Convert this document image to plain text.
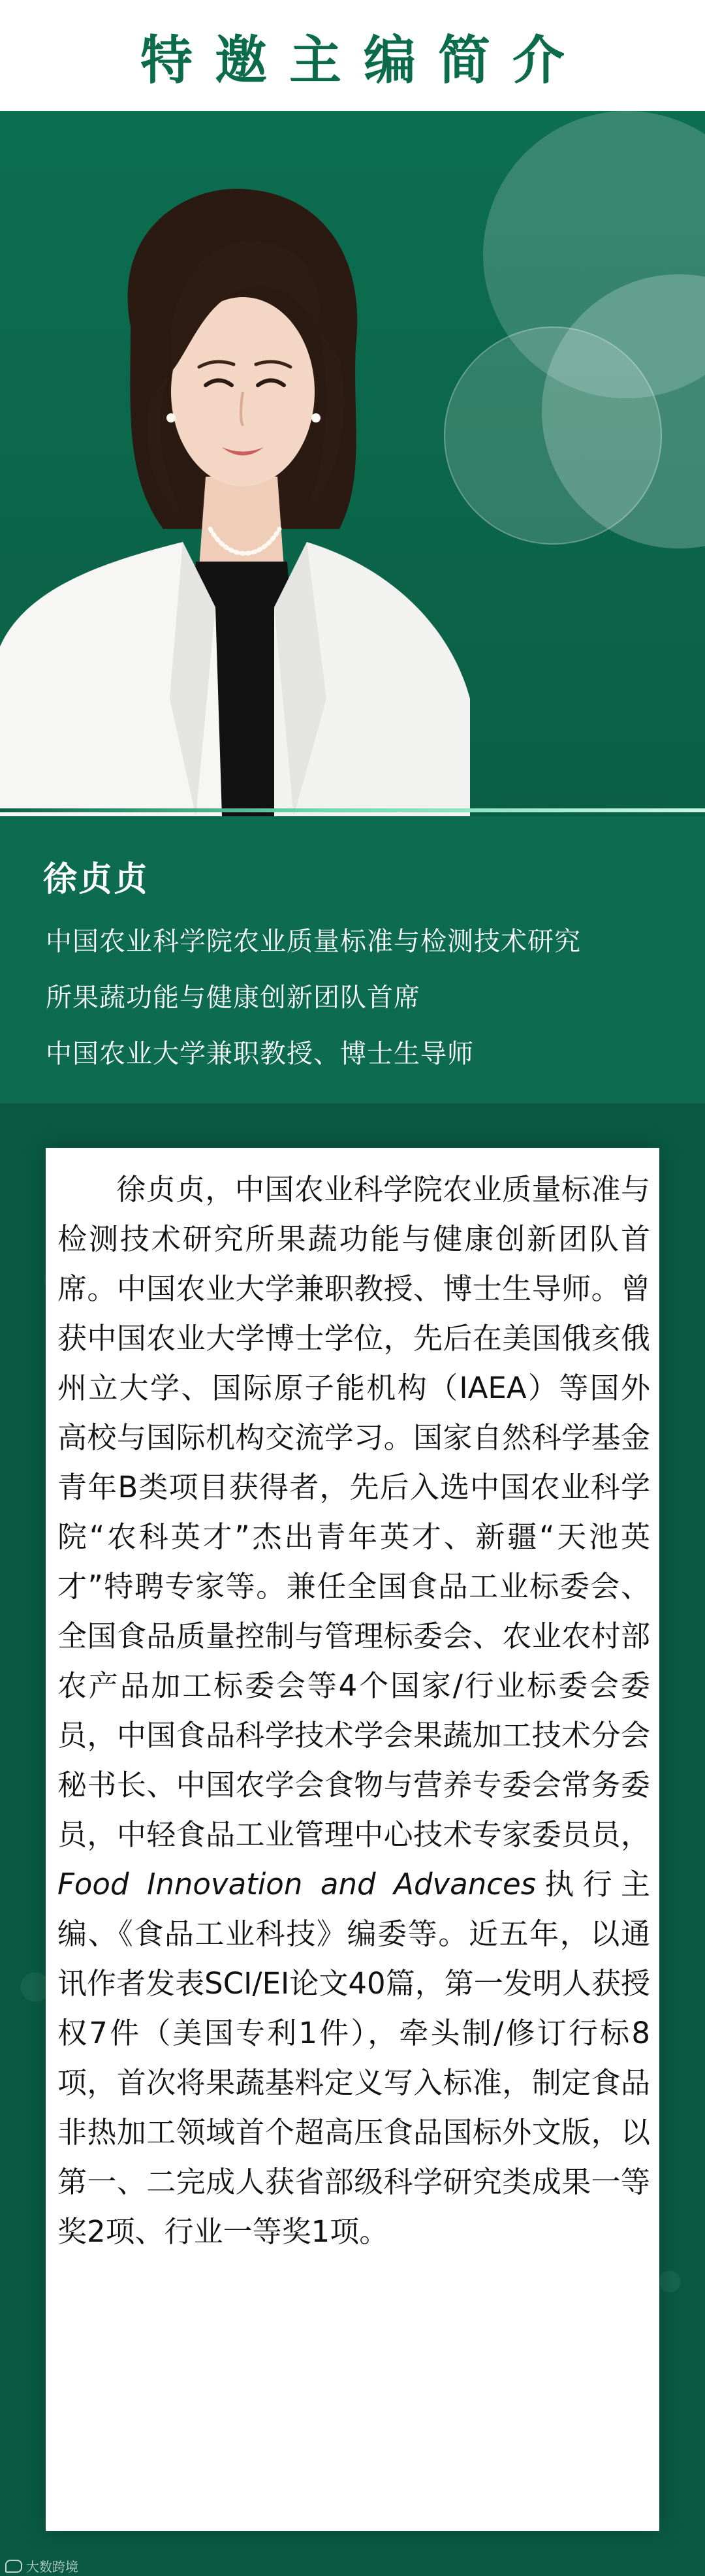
特邀主编简介
徐贞贞
中国农业科学院农业质量标准与检测技术研究
所果蔬功能与健康创新团队首席
中国农业大学兼职教授、博士生导师

徐贞贞，中国农业科学院农业质量标准与检测技术研究所果蔬功能与健康创新团队首席。中国农业大学兼职教授、博士生导师。曾获中国农业大学博士学位，先后在美国俄亥俄州立大学、国际原子能机构（IAEA）等国外高校与国际机构交流学习。国家自然科学基金青年B类项目获得者，先后入选中国农业科学院“农科英才”杰出青年英才、新疆“天池英才”特聘专家等。兼任全国食品工业标委会、全国食品质量控制与管理标委会、农业农村部农产品加工标委会等4个国家/行业标委会委员，中国食品科学技术学会果蔬加工技术分会秘书长、中国农学会食物与营养专委会常务委员，中轻食品工业管理中心技术专家委员员，Food Innovation and Advances执行主编、《食品工业科技》编委等。近五年，以通讯作者发表SCI/EI论文40篇，第一发明人获授权7件（美国专利1件），牵头制/修订行标8项，首次将果蔬基料定义写入标准，制定食品非热加工领域首个超高压食品国标外文版，以第一、二完成人获省部级科学研究类成果一等奖2项、行业一等奖1项。

大数跨境
